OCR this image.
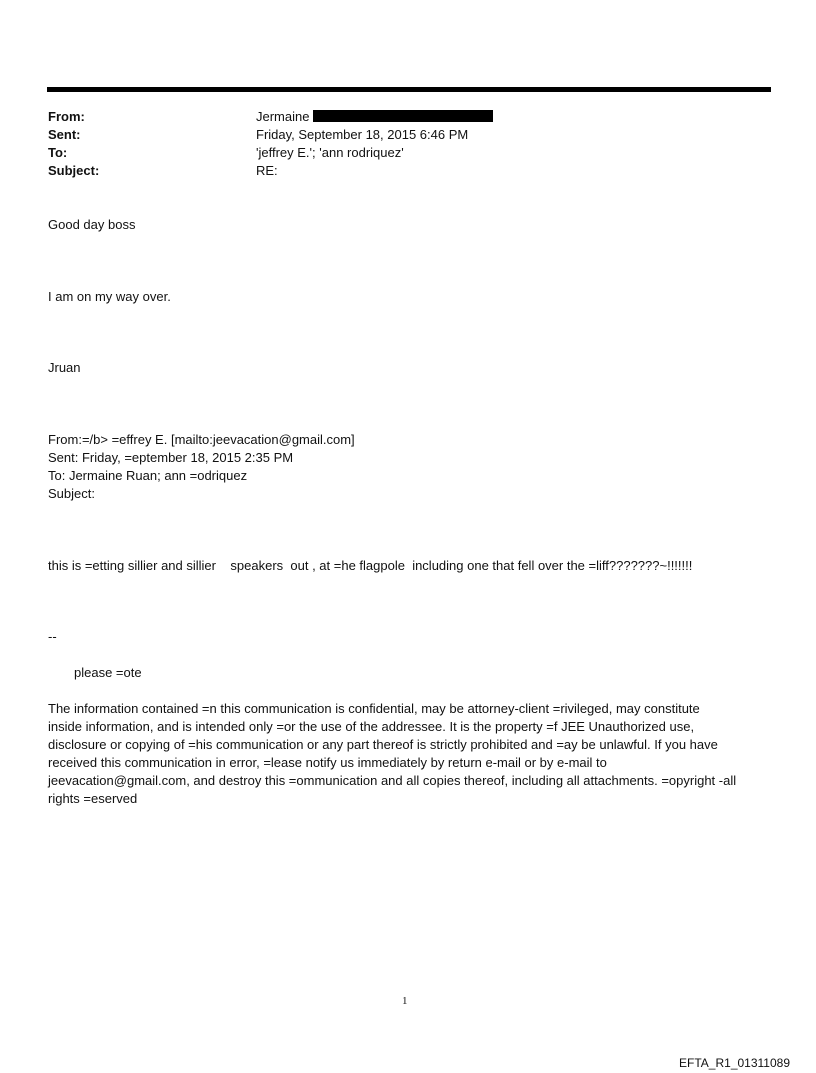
From:	Jermaine
Sent:	Friday, September 18, 2015 6:46 PM
To:	'jeffrey E.'; 'ann rodriquez'
Subject:	RE:
Good day boss
I am on my way over.
Jruan
From:=/b> =effrey E. [mailto:jeevacation@gmail.com]
Sent: Friday, =eptember 18, 2015 2:35 PM
To: Jermaine Ruan; ann =odriquez
Subject:
this is =etting sillier and sillier    speakers  out , at =he flagpole  including one that fell over the =liff???????~!!!!!!!
--
please =ote
The information contained =n this communication is confidential, may be attorney-client =rivileged, may constitute
inside information, and is intended only =or the use of the addressee. It is the property =f JEE Unauthorized use,
disclosure or copying of =his communication or any part thereof is strictly prohibited and =ay be unlawful. If you have
received this communication in error, =lease notify us immediately by return e-mail or by e-mail to
jeevacation@gmail.com, and destroy this =ommunication and all copies thereof, including all attachments. =opyright -all
rights =eserved
1
EFTA_R1_01311089
